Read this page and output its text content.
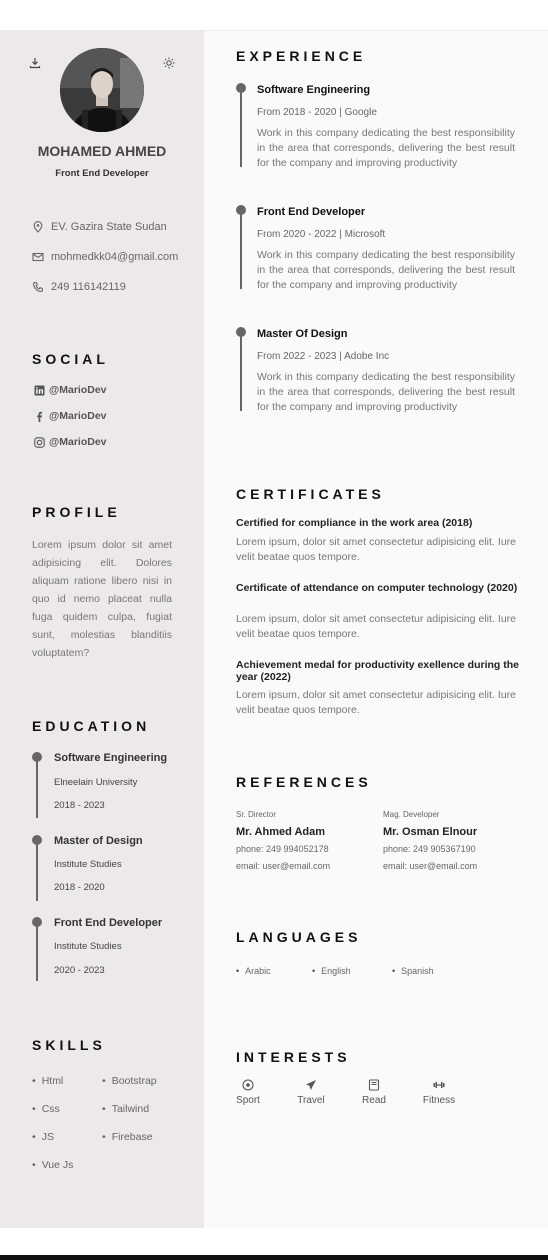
MOHAMED AHMED
Front End Developer
EV. Gazira State Sudan
mohmedkk04@gmail.com
249 116142119
SOCIAL
@MarioDev
@MarioDev
@MarioDev
PROFILE
Lorem ipsum dolor sit amet adipisicing elit. Dolores aliquam ratione libero nisi in quo id nemo placeat nulla fuga quidem culpa, fugiat sunt, molestias blanditiis voluptatem?
EDUCATION
Software Engineering
Elneelain University
2018 - 2023
Master of Design
Institute Studies
2018 - 2020
Front End Developer
Institute Studies
2020 - 2023
SKILLS
• Html	• Bootstrap
• Css	• Tailwind
• JS	• Firebase
• Vue Js
EXPERIENCE
Software Engineering
From 2018 - 2020 | Google
Work in this company dedicating the best responsibility in the area that corresponds, delivering the best result for the company and improving productivity
Front End Developer
From 2020 - 2022 | Microsoft
Work in this company dedicating the best responsibility in the area that corresponds, delivering the best result for the company and improving productivity
Master Of Design
From 2022 - 2023 | Adobe Inc
Work in this company dedicating the best responsibility in the area that corresponds, delivering the best result for the company and improving productivity
CERTIFICATES
Certified for compliance in the work area (2018)
Lorem ipsum, dolor sit amet consectetur adipisicing elit. Iure velit beatae quos tempore.
Certificate of attendance on computer technology (2020)
Lorem ipsum, dolor sit amet consectetur adipisicing elit. Iure velit beatae quos tempore.
Achievement medal for productivity exellence during the year (2022)
Lorem ipsum, dolor sit amet consectetur adipisicing elit. Iure velit beatae quos tempore.
REFERENCES
Sr. Director
Mr. Ahmed Adam
phone: 249 994052178
email: user@email.com
Mag. Developer
Mr. Osman Elnour
phone: 249 905367190
email: user@email.com
LANGUAGES
• Arabic	• English	• Spanish
INTERESTS
Sport	Travel	Read	Fitness
